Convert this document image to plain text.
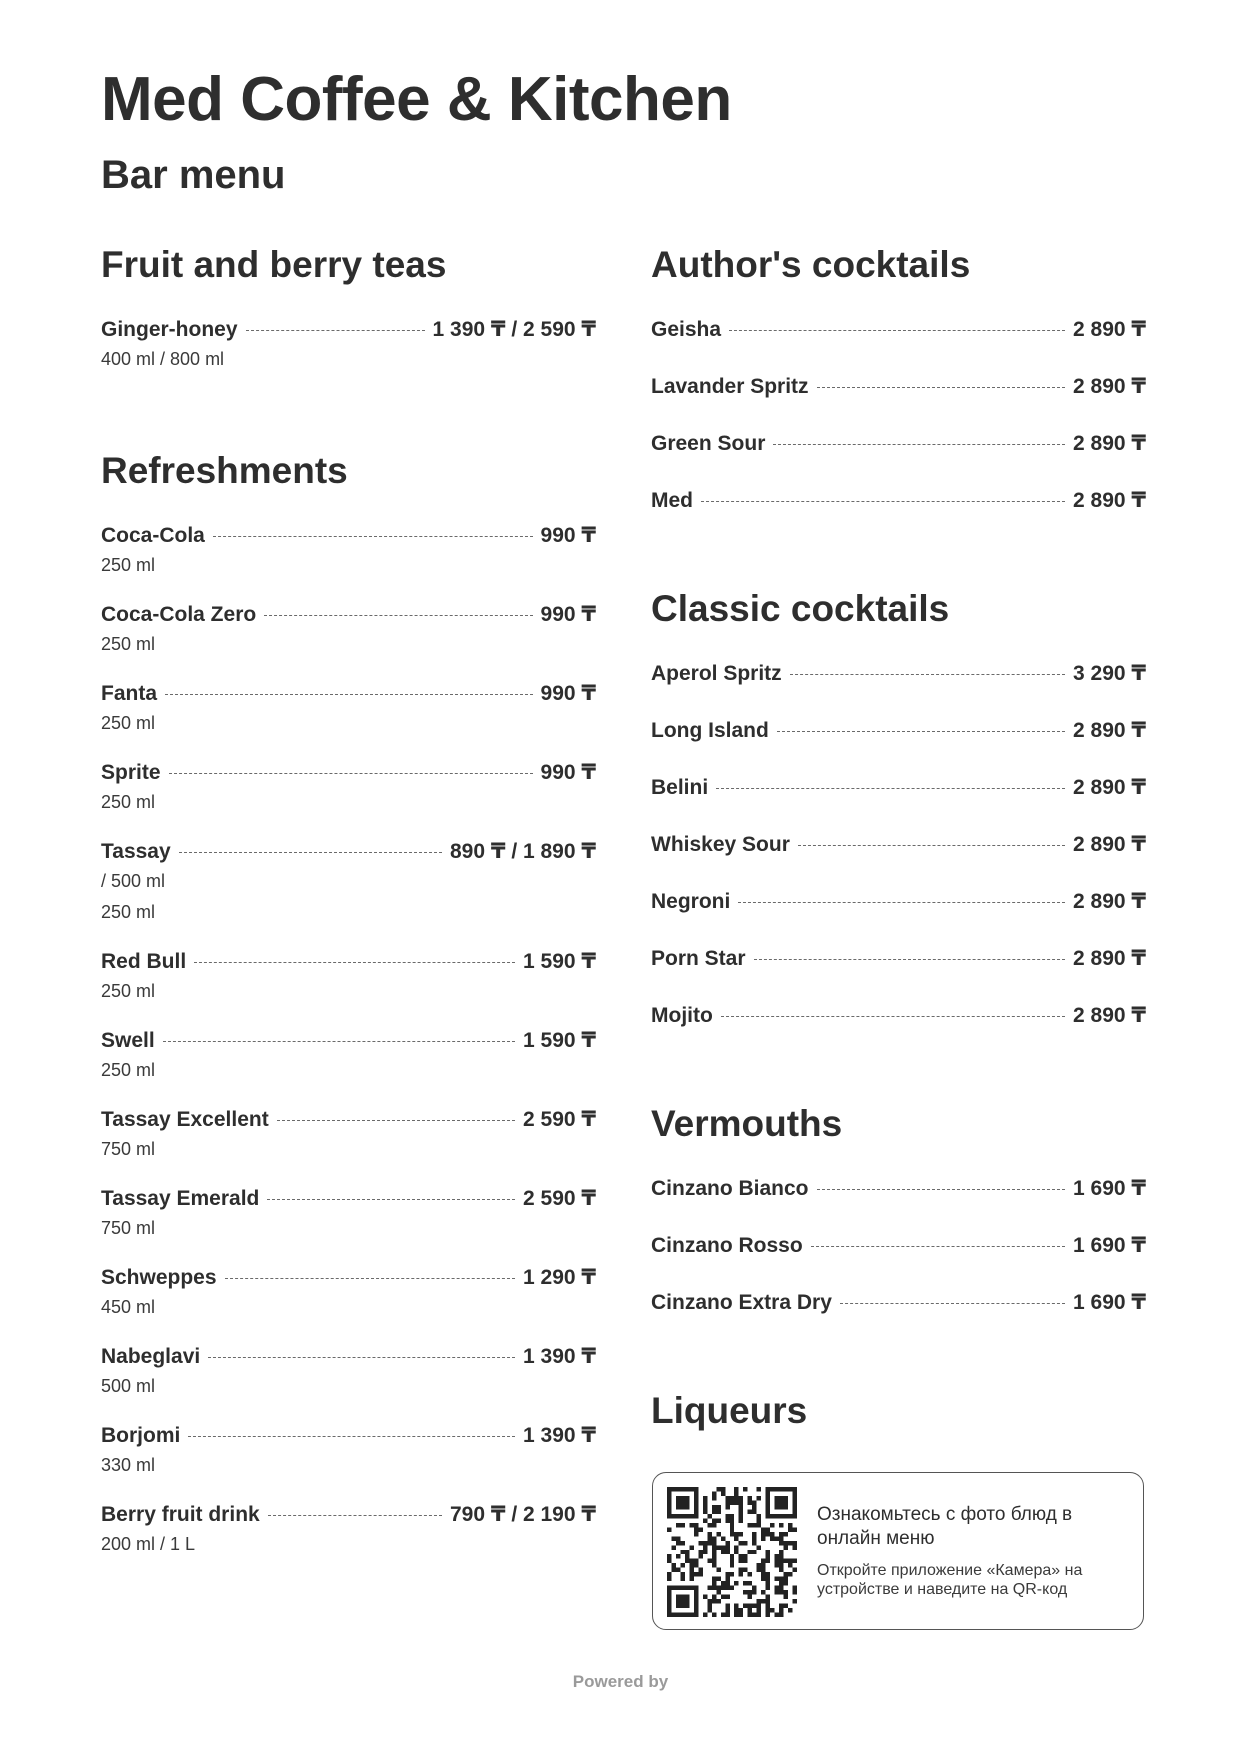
Med Coffee & Kitchen
Bar menu
Fruit and berry teas
Ginger-honey	1 390 ₸ / 2 590 ₸
400 ml / 800 ml
Refreshments
Coca-Cola	990 ₸
250 ml
Coca-Cola Zero	990 ₸
250 ml
Fanta	990 ₸
250 ml
Sprite	990 ₸
250 ml
Tassay	890 ₸ / 1 890 ₸
/ 500 ml
250 ml
Red Bull	1 590 ₸
250 ml
Swell	1 590 ₸
250 ml
Tassay Excellent	2 590 ₸
750 ml
Tassay Emerald	2 590 ₸
750 ml
Schweppes	1 290 ₸
450 ml
Nabeglavi	1 390 ₸
500 ml
Borjomi	1 390 ₸
330 ml
Berry fruit drink	790 ₸ / 2 190 ₸
200 ml / 1 L
Author's cocktails
Geisha	2 890 ₸
Lavander Spritz	2 890 ₸
Green Sour	2 890 ₸
Med	2 890 ₸
Classic cocktails
Aperol Spritz	3 290 ₸
Long Island	2 890 ₸
Belini	2 890 ₸
Whiskey Sour	2 890 ₸
Negroni	2 890 ₸
Porn Star	2 890 ₸
Mojito	2 890 ₸
Vermouths
Cinzano Bianco	1 690 ₸
Cinzano Rosso	1 690 ₸
Cinzano Extra Dry	1 690 ₸
Liqueurs
Ознакомьтесь с фото блюд в онлайн меню
Откройте приложение «Камера» на устройстве и наведите на QR-код
Powered by
